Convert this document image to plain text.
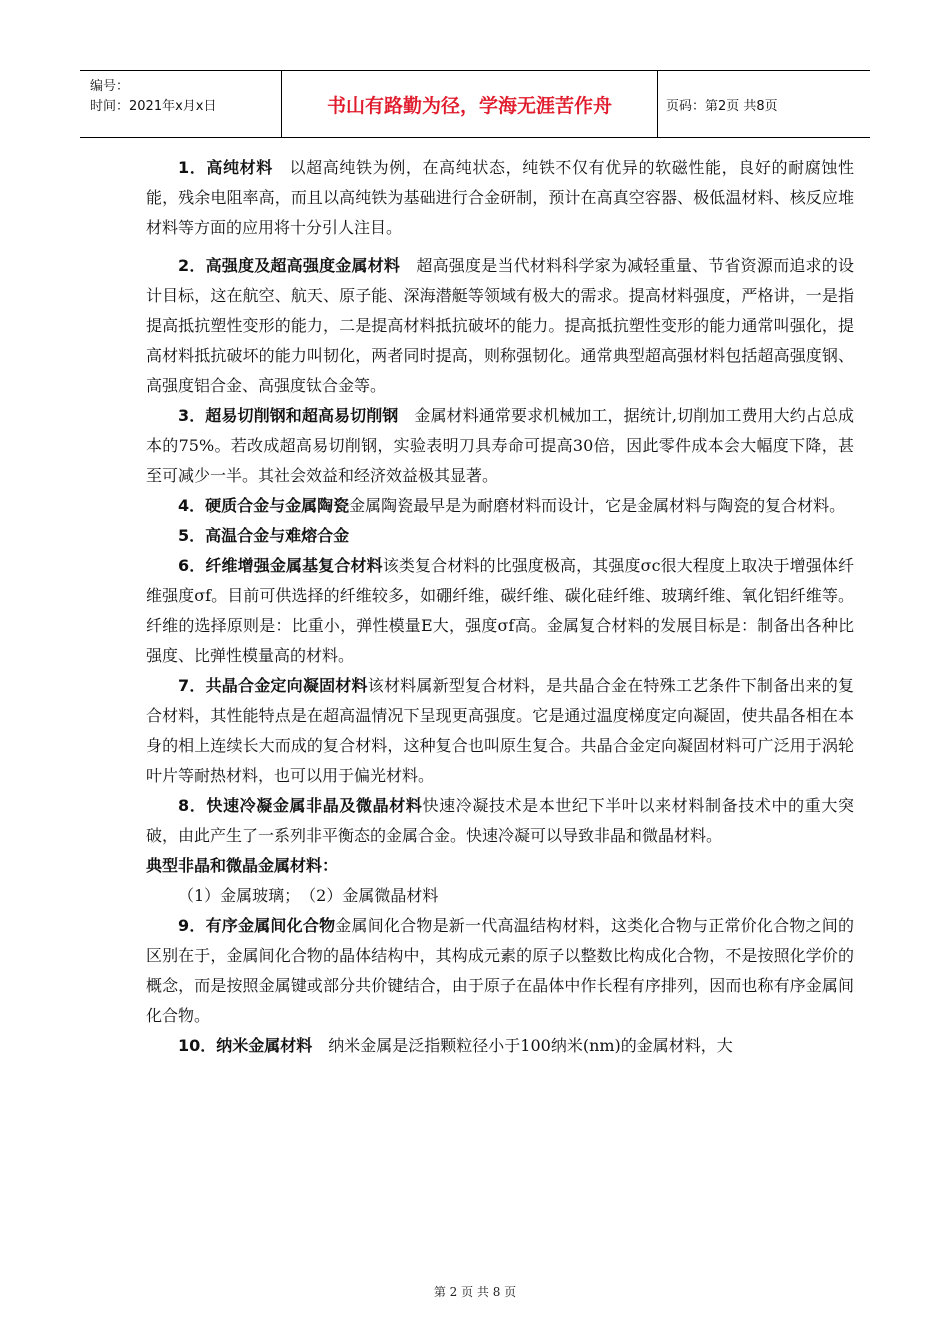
编号：
时间：2021年x月x日	书山有路勤为径，学海无涯苦作舟	页码：第2页 共8页

1．高纯材料　以超高纯铁为例，在高纯状态，纯铁不仅有优异的软磁性能，良好的耐腐蚀性能，残余电阻率高，而且以高纯铁为基础进行合金研制，预计在高真空容器、极低温材料、核反应堆材料等方面的应用将十分引人注目。

2．高强度及超高强度金属材料　超高强度是当代材料科学家为减轻重量、节省资源而追求的设计目标，这在航空、航天、原子能、深海潜艇等领域有极大的需求。提高材料强度，严格讲，一是指提高抵抗塑性变形的能力，二是提高材料抵抗破坏的能力。提高抵抗塑性变形的能力通常叫强化，提高材料抵抗破坏的能力叫韧化，两者同时提高，则称强韧化。通常典型超高强材料包括超高强度钢、高强度铝合金、高强度钛合金等。

3．超易切削钢和超高易切削钢　金属材料通常要求机械加工，据统计,切削加工费用大约占总成本的75%。若改成超高易切削钢，实验表明刀具寿命可提高30倍，因此零件成本会大幅度下降，甚至可减少一半。其社会效益和经济效益极其显著。

4．硬质合金与金属陶瓷金属陶瓷最早是为耐磨材料而设计，它是金属材料与陶瓷的复合材料。

5．高温合金与难熔合金

6．纤维增强金属基复合材料该类复合材料的比强度极高，其强度σc很大程度上取决于增强体纤维强度σf。目前可供选择的纤维较多，如硼纤维，碳纤维、碳化硅纤维、玻璃纤维、氧化铝纤维等。纤维的选择原则是：比重小，弹性模量E大，强度σf高。金属复合材料的发展目标是：制备出各种比强度、比弹性模量高的材料。

7．共晶合金定向凝固材料该材料属新型复合材料，是共晶合金在特殊工艺条件下制备出来的复合材料，其性能特点是在超高温情况下呈现更高强度。它是通过温度梯度定向凝固，使共晶各相在本身的相上连续长大而成的复合材料，这种复合也叫原生复合。共晶合金定向凝固材料可广泛用于涡轮叶片等耐热材料，也可以用于偏光材料。

8．快速冷凝金属非晶及微晶材料快速冷凝技术是本世纪下半叶以来材料制备技术中的重大突破，由此产生了一系列非平衡态的金属合金。快速冷凝可以导致非晶和微晶材料。

典型非晶和微晶金属材料：

（1）金属玻璃；　（2）金属微晶材料

9．有序金属间化合物金属间化合物是新一代高温结构材料，这类化合物与正常价化合物之间的区别在于，金属间化合物的晶体结构中，其构成元素的原子以整数比构成化合物，不是按照化学价的概念，而是按照金属键或部分共价键结合，由于原子在晶体中作长程有序排列，因而也称有序金属间化合物。

10．纳米金属材料　纳米金属是泛指颗粒径小于100纳米(nm)的金属材料，大

第 2 页 共 8 页
